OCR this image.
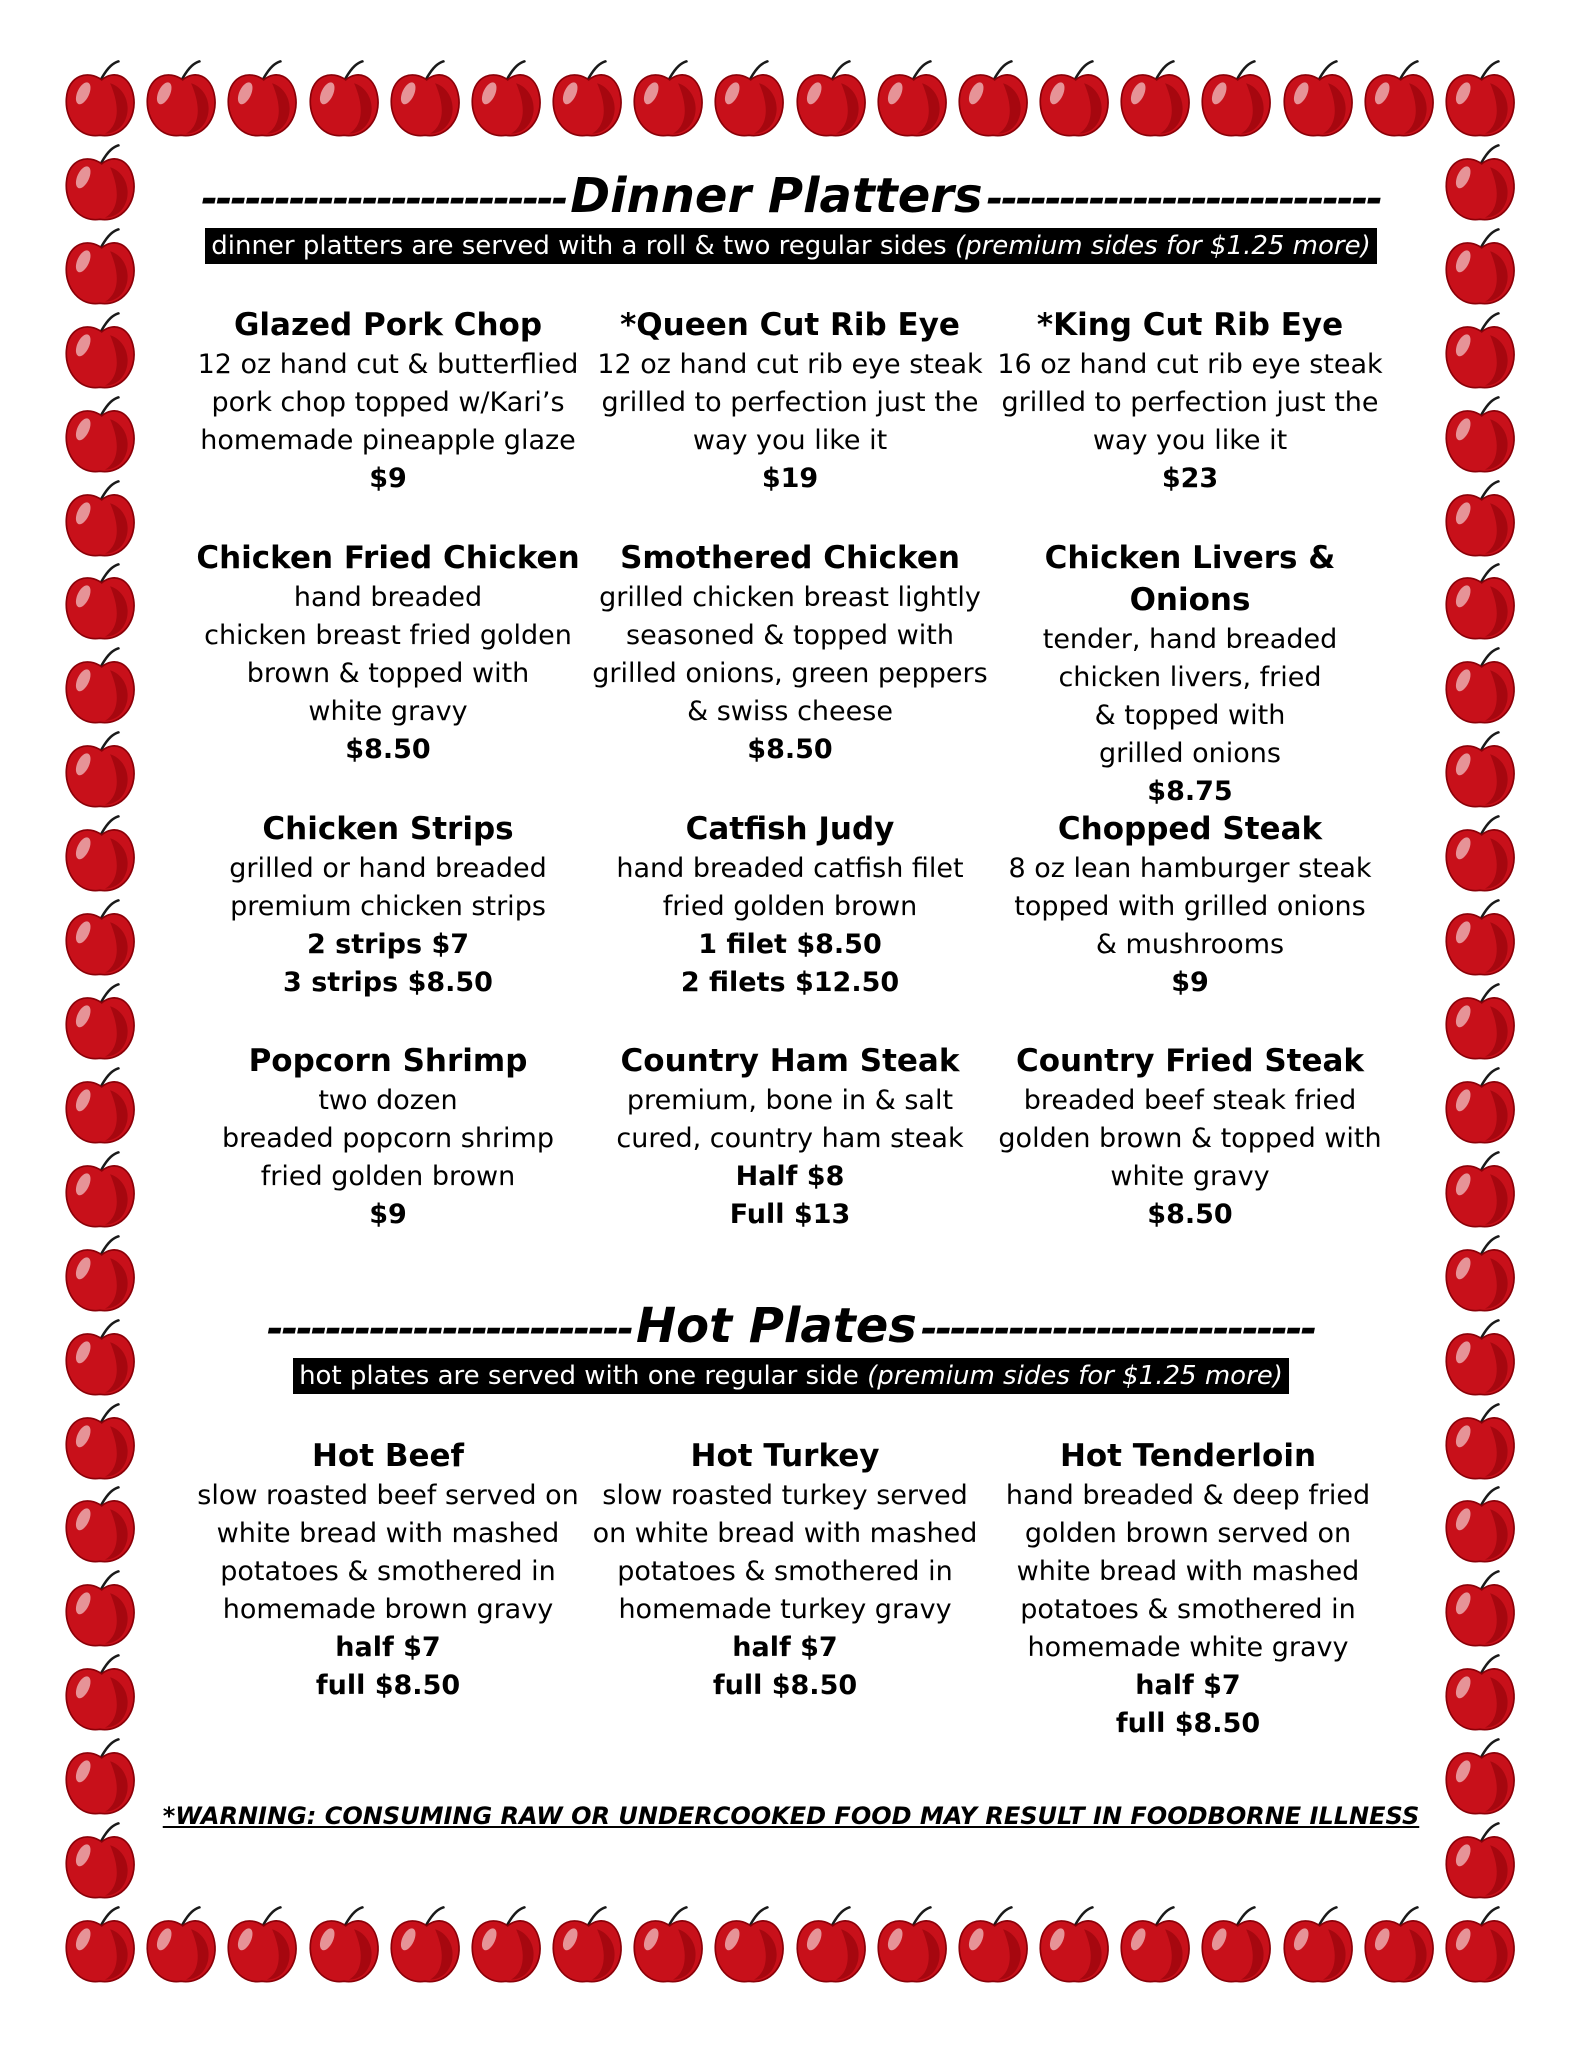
-------------------------Dinner Platters ---------------------------
dinner platters are served with a roll & two regular sides (premium sides for $1.25 more)
Glazed Pork Chop
12 oz hand cut & butterflied
pork chop topped w/Kari’s
homemade pineapple glaze
$9
*Queen Cut Rib Eye
12 oz hand cut rib eye steak
grilled to perfection just the
way you like it
$19
*King Cut Rib Eye
16 oz hand cut rib eye steak
grilled to perfection just the
way you like it
$23
Chicken Fried Chicken
hand breaded
chicken breast fried golden
brown & topped with
white gravy
$8.50
Smothered Chicken
grilled chicken breast lightly
seasoned & topped with
grilled onions, green peppers
& swiss cheese
$8.50
Chicken Livers & Onions
tender, hand breaded
chicken livers, fried
& topped with
grilled onions
$8.75
Chicken Strips
grilled or hand breaded
premium chicken strips
2 strips $7
3 strips $8.50
Catfish Judy
hand breaded catfish filet
fried golden brown
1 filet $8.50
2 filets $12.50
Chopped Steak
8 oz lean hamburger steak
topped with grilled onions
& mushrooms
$9
Popcorn Shrimp
two dozen
breaded popcorn shrimp
fried golden brown
$9
Country Ham Steak
premium, bone in & salt
cured, country ham steak
Half $8
Full $13
Country Fried Steak
breaded beef steak fried
golden brown & topped with
white gravy
$8.50
-------------------------Hot Plates ---------------------------
hot plates are served with one regular side (premium sides for $1.25 more)
Hot Beef
slow roasted beef served on
white bread with mashed
potatoes & smothered in
homemade brown gravy
half $7
full $8.50
Hot Turkey
slow roasted turkey served
on white bread with mashed
potatoes & smothered in
homemade turkey gravy
half $7
full $8.50
Hot Tenderloin
hand breaded & deep fried
golden brown served on
white bread with mashed
potatoes & smothered in
homemade white gravy
half $7
full $8.50
*WARNING: CONSUMING RAW OR UNDERCOOKED FOOD MAY RESULT IN FOODBORNE ILLNESS
